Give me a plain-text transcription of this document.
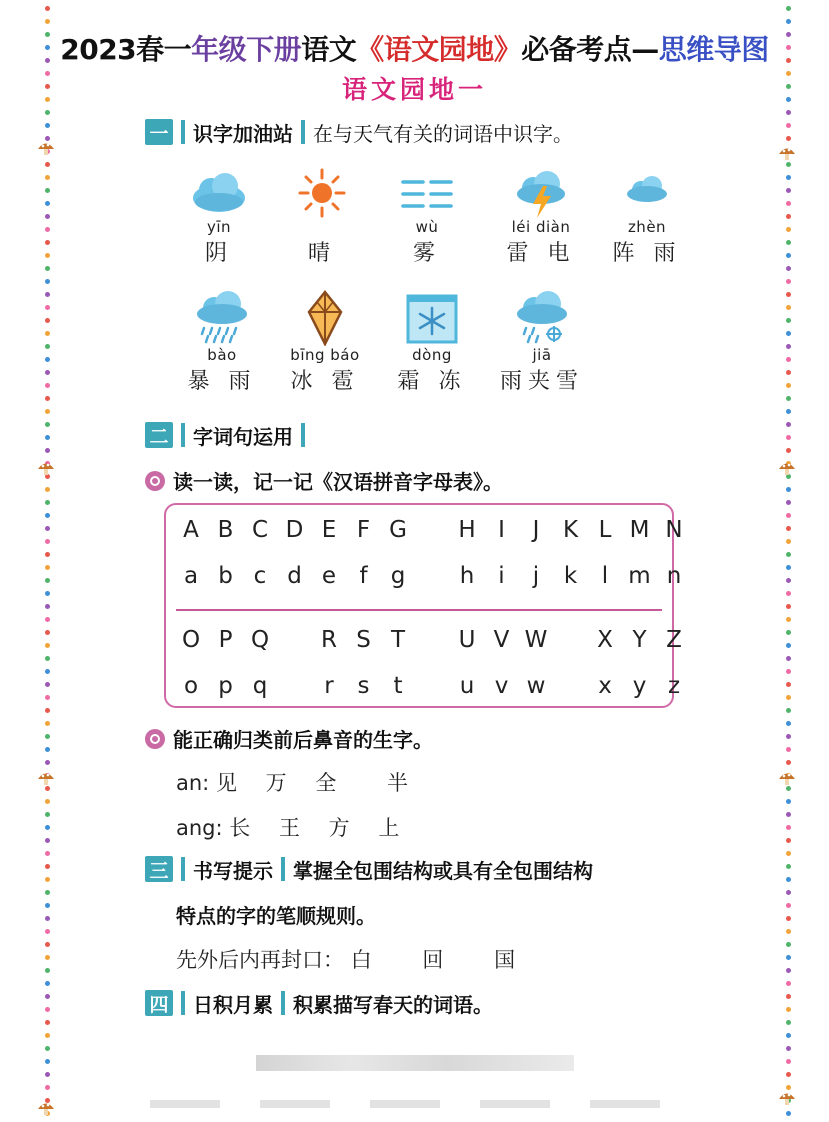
2023春一年级下册语文《语文园地》必备考点—思维导图
语文园地一
一 识字加油站 在与天气有关的词语中识字。
yīn
阴	晴
wù
雾
léi diàn
雷 电
zhèn
阵 雨
bào
暴 雨
bīng báo
冰 雹
dòng
霜 冻
jiā
雨夹雪
二 字词句运用
读一读，记一记《汉语拼音字母表》。
A B C D E F G H I	J	K L M N
a b c d e	f	g	h	i	j	k	l m n
O P Q	R S T	U V W	X Y Z
o p q	r	s	t	u v w	x y z
能正确归类前后鼻音的生字。
an: 见 万 全 半
ang: 长 王 方 上
三 书写提示 掌握全包围结构或具有全包围结构
特点的字的笔顺规则。
先外后内再封口： 白 回 国
四 日积月累 积累描写春天的词语。
